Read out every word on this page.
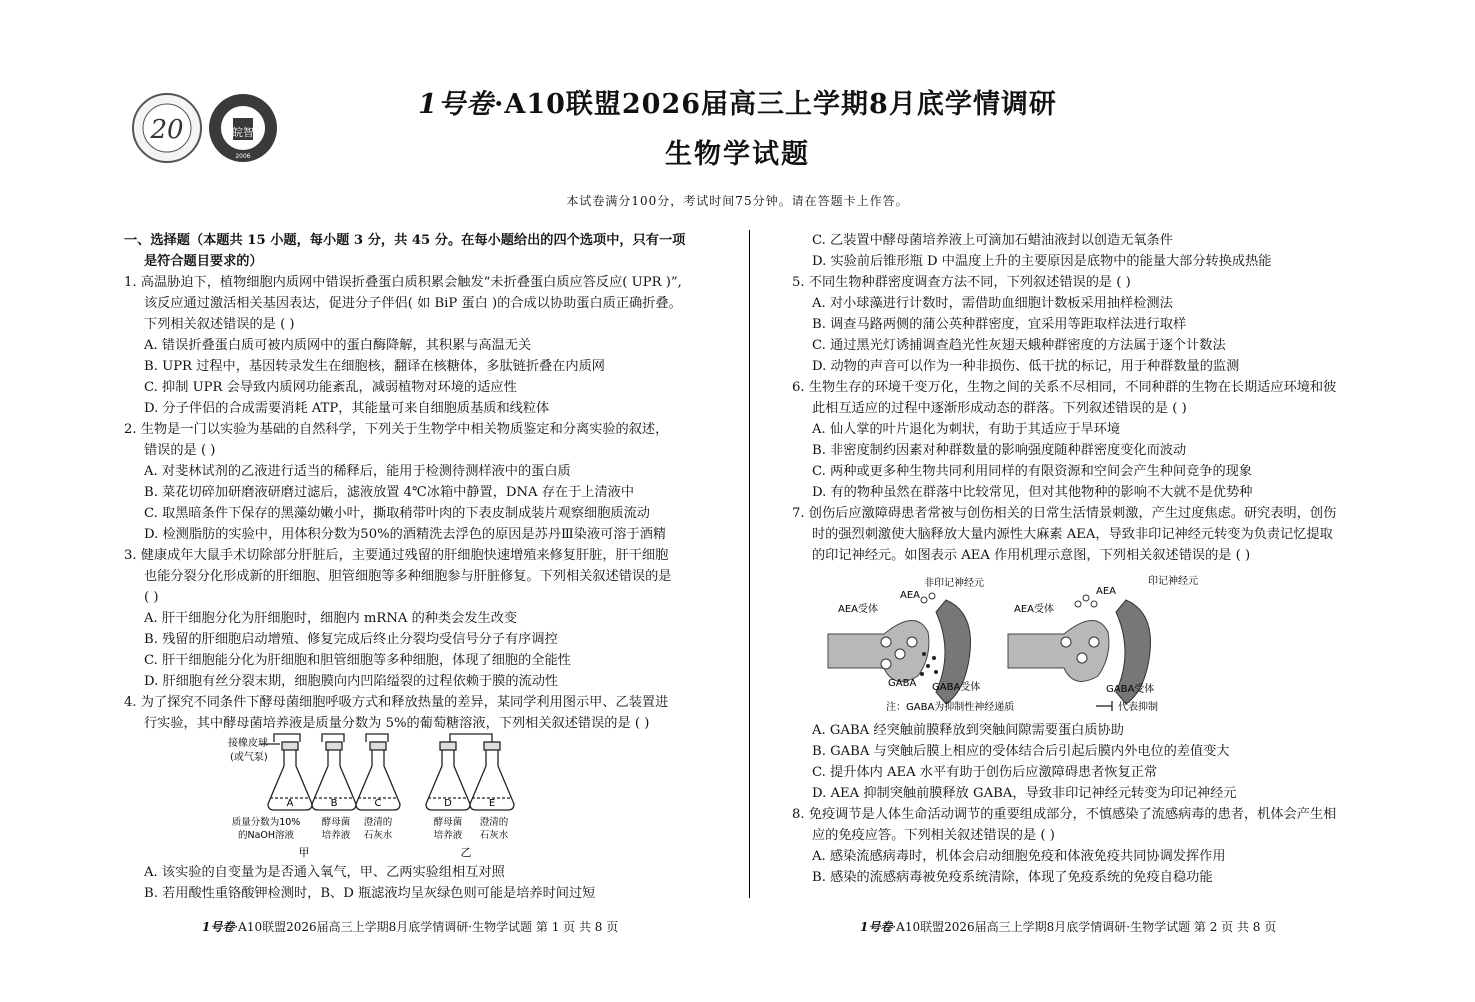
20	皖智
2006
1号卷·A10联盟2026届高三上学期8月底学情调研
生物学试题
本试卷满分100分，考试时间75分钟。请在答题卡上作答。

一、选择题（本题共 15 小题，每小题 3 分，共 45 分。在每小题给出的四个选项中，只有一项

是符合题目要求的）

1. 高温胁迫下，植物细胞内质网中错误折叠蛋白质积累会触发“未折叠蛋白质应答反应( UPR )”,

该反应通过激活相关基因表达，促进分子伴侣( 如 BiP 蛋白 )的合成以协助蛋白质正确折叠。

下列相关叙述错误的是 ( )

A. 错误折叠蛋白质可被内质网中的蛋白酶降解，其积累与高温无关

B. UPR 过程中，基因转录发生在细胞核，翻译在核糖体，多肽链折叠在内质网

C. 抑制 UPR 会导致内质网功能紊乱，减弱植物对环境的适应性

D. 分子伴侣的合成需要消耗 ATP，其能量可来自细胞质基质和线粒体

2. 生物是一门以实验为基础的自然科学，下列关于生物学中相关物质鉴定和分离实验的叙述，

错误的是 ( )

A. 对斐林试剂的乙液进行适当的稀释后，能用于检测待测样液中的蛋白质

B. 菜花切碎加研磨液研磨过滤后，滤液放置 4℃冰箱中静置，DNA 存在于上清液中

C. 取黑暗条件下保存的黑藻幼嫩小叶，撕取稍带叶肉的下表皮制成装片观察细胞质流动

D. 检测脂肪的实验中，用体积分数为50%的酒精洗去浮色的原因是苏丹Ⅲ染液可溶于酒精

3. 健康成年大鼠手术切除部分肝脏后，主要通过残留的肝细胞快速增殖来修复肝脏，肝干细胞

也能分裂分化形成新的肝细胞、胆管细胞等多种细胞参与肝脏修复。下列相关叙述错误的是

( )

A. 肝干细胞分化为肝细胞时，细胞内 mRNA 的种类会发生改变

B. 残留的肝细胞启动增殖、修复完成后终止分裂均受信号分子有序调控

C. 肝干细胞能分化为肝细胞和胆管细胞等多种细胞，体现了细胞的全能性

D. 肝细胞有丝分裂末期，细胞膜向内凹陷缢裂的过程依赖于膜的流动性

4. 为了探究不同条件下酵母菌细胞呼吸方式和释放热量的差异，某同学利用图示甲、乙装置进

行实验，其中酵母菌培养液是质量分数为 5%的葡萄糖溶液，下列相关叙述错误的是 ( )

接橡皮球
(或气泵)
A	B	C	D	E
质量分数为10%
的NaOH溶液
酵母菌
培养液
澄清的
石灰水
酵母菌
培养液
澄清的
石灰水
甲	乙

A. 该实验的自变量为是否通入氧气，甲、乙两实验组相互对照

B. 若用酸性重铬酸钾检测时，B、D 瓶滤液均呈灰绿色则可能是培养时间过短

C. 乙装置中酵母菌培养液上可滴加石蜡油液封以创造无氧条件

D. 实验前后锥形瓶 D 中温度上升的主要原因是底物中的能量大部分转换成热能

5. 不同生物种群密度调查方法不同，下列叙述错误的是 ( )

A. 对小球藻进行计数时，需借助血细胞计数板采用抽样检测法

B. 调查马路两侧的蒲公英种群密度，宜采用等距取样法进行取样

C. 通过黑光灯诱捕调查趋光性灰翅天蛾种群密度的方法属于逐个计数法

D. 动物的声音可以作为一种非损伤、低干扰的标记，用于种群数量的监测

6. 生物生存的环境千变万化，生物之间的关系不尽相同，不同种群的生物在长期适应环境和彼

此相互适应的过程中逐渐形成动态的群落。下列叙述错误的是 ( )

A. 仙人掌的叶片退化为刺状，有助于其适应于旱环境

B. 非密度制约因素对种群数量的影响强度随种群密度变化而波动

C. 两种或更多种生物共同利用同样的有限资源和空间会产生种间竞争的现象

D. 有的物种虽然在群落中比较常见，但对其他物种的影响不大就不是优势种

7. 创伤后应激障碍患者常被与创伤相关的日常生活情景刺激，产生过度焦虑。研究表明，创伤

时的强烈刺激使大脑释放大量内源性大麻素 AEA，导致非印记神经元转变为负责记忆提取

的印记神经元。如图表示 AEA 作用机理示意图，下列相关叙述错误的是 ( )

非印记神经元	印记神经元
AEA受体	AEA受体
AEA	AEA
GABA GABA受体	GABA受体
注：GABA为抑制性神经递质	代表抑制

A. GABA 经突触前膜释放到突触间隙需要蛋白质协助

B. GABA 与突触后膜上相应的受体结合后引起后膜内外电位的差值变大

C. 提升体内 AEA 水平有助于创伤后应激障碍患者恢复正常

D. AEA 抑制突触前膜释放 GABA，导致非印记神经元转变为印记神经元

8. 免疫调节是人体生命活动调节的重要组成部分，不慎感染了流感病毒的患者，机体会产生相

应的免疫应答。下列相关叙述错误的是 ( )

A. 感染流感病毒时，机体会启动细胞免疫和体液免疫共同协调发挥作用

B. 感染的流感病毒被免疫系统清除，体现了免疫系统的免疫自稳功能

1号卷·A10联盟2026届高三上学期8月底学情调研·生物学试题 第 1 页 共 8 页	1号卷·A10联盟2026届高三上学期8月底学情调研·生物学试题 第 2 页 共 8 页
